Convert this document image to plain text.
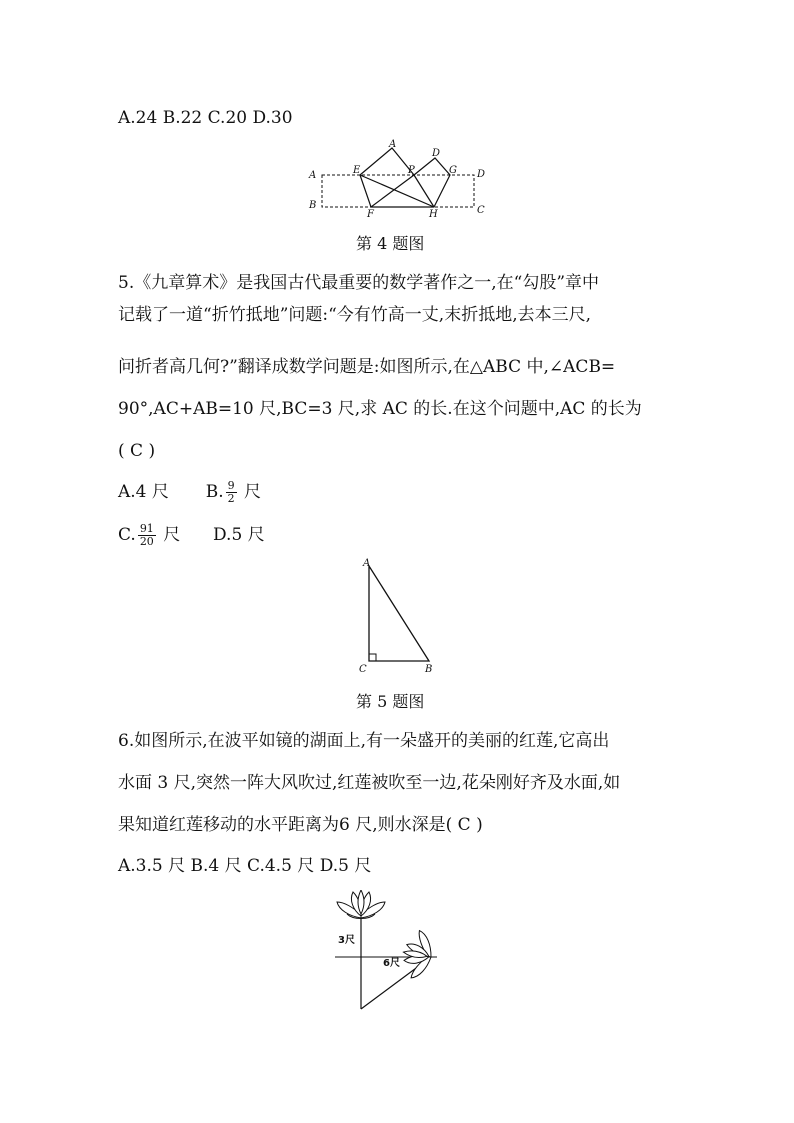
A.24 B.22 C.20 D.30
A
B
A
E	P
D
G D
C
F	H
第 4 题图
5.《九章算术》是我国古代最重要的数学著作之一,在“勾股”章中
记载了一道“折竹抵地”问题:“今有竹高一丈,末折抵地,去本三尺,
问折者高几何?”翻译成数学问题是:如图所示,在△ABC 中,∠ACB=
90°,AC+AB=10 尺,BC=3 尺,求 AC 的长.在这个问题中,AC 的长为
( C )
A.4 尺 B. $\frac{9}{2}$ 尺
C. $\frac{91}{20}$ 尺 D.5 尺
A
C	B
第 5 题图
6.如图所示,在波平如镜的湖面上,有一朵盛开的美丽的红莲,它高出
水面 3 尺,突然一阵大风吹过,红莲被吹至一边,花朵刚好齐及水面,如
果知道红莲移动的水平距离为6 尺,则水深是( C )
A.3.5 尺 B.4 尺 C.4.5 尺 D.5 尺
3尺
6尺
